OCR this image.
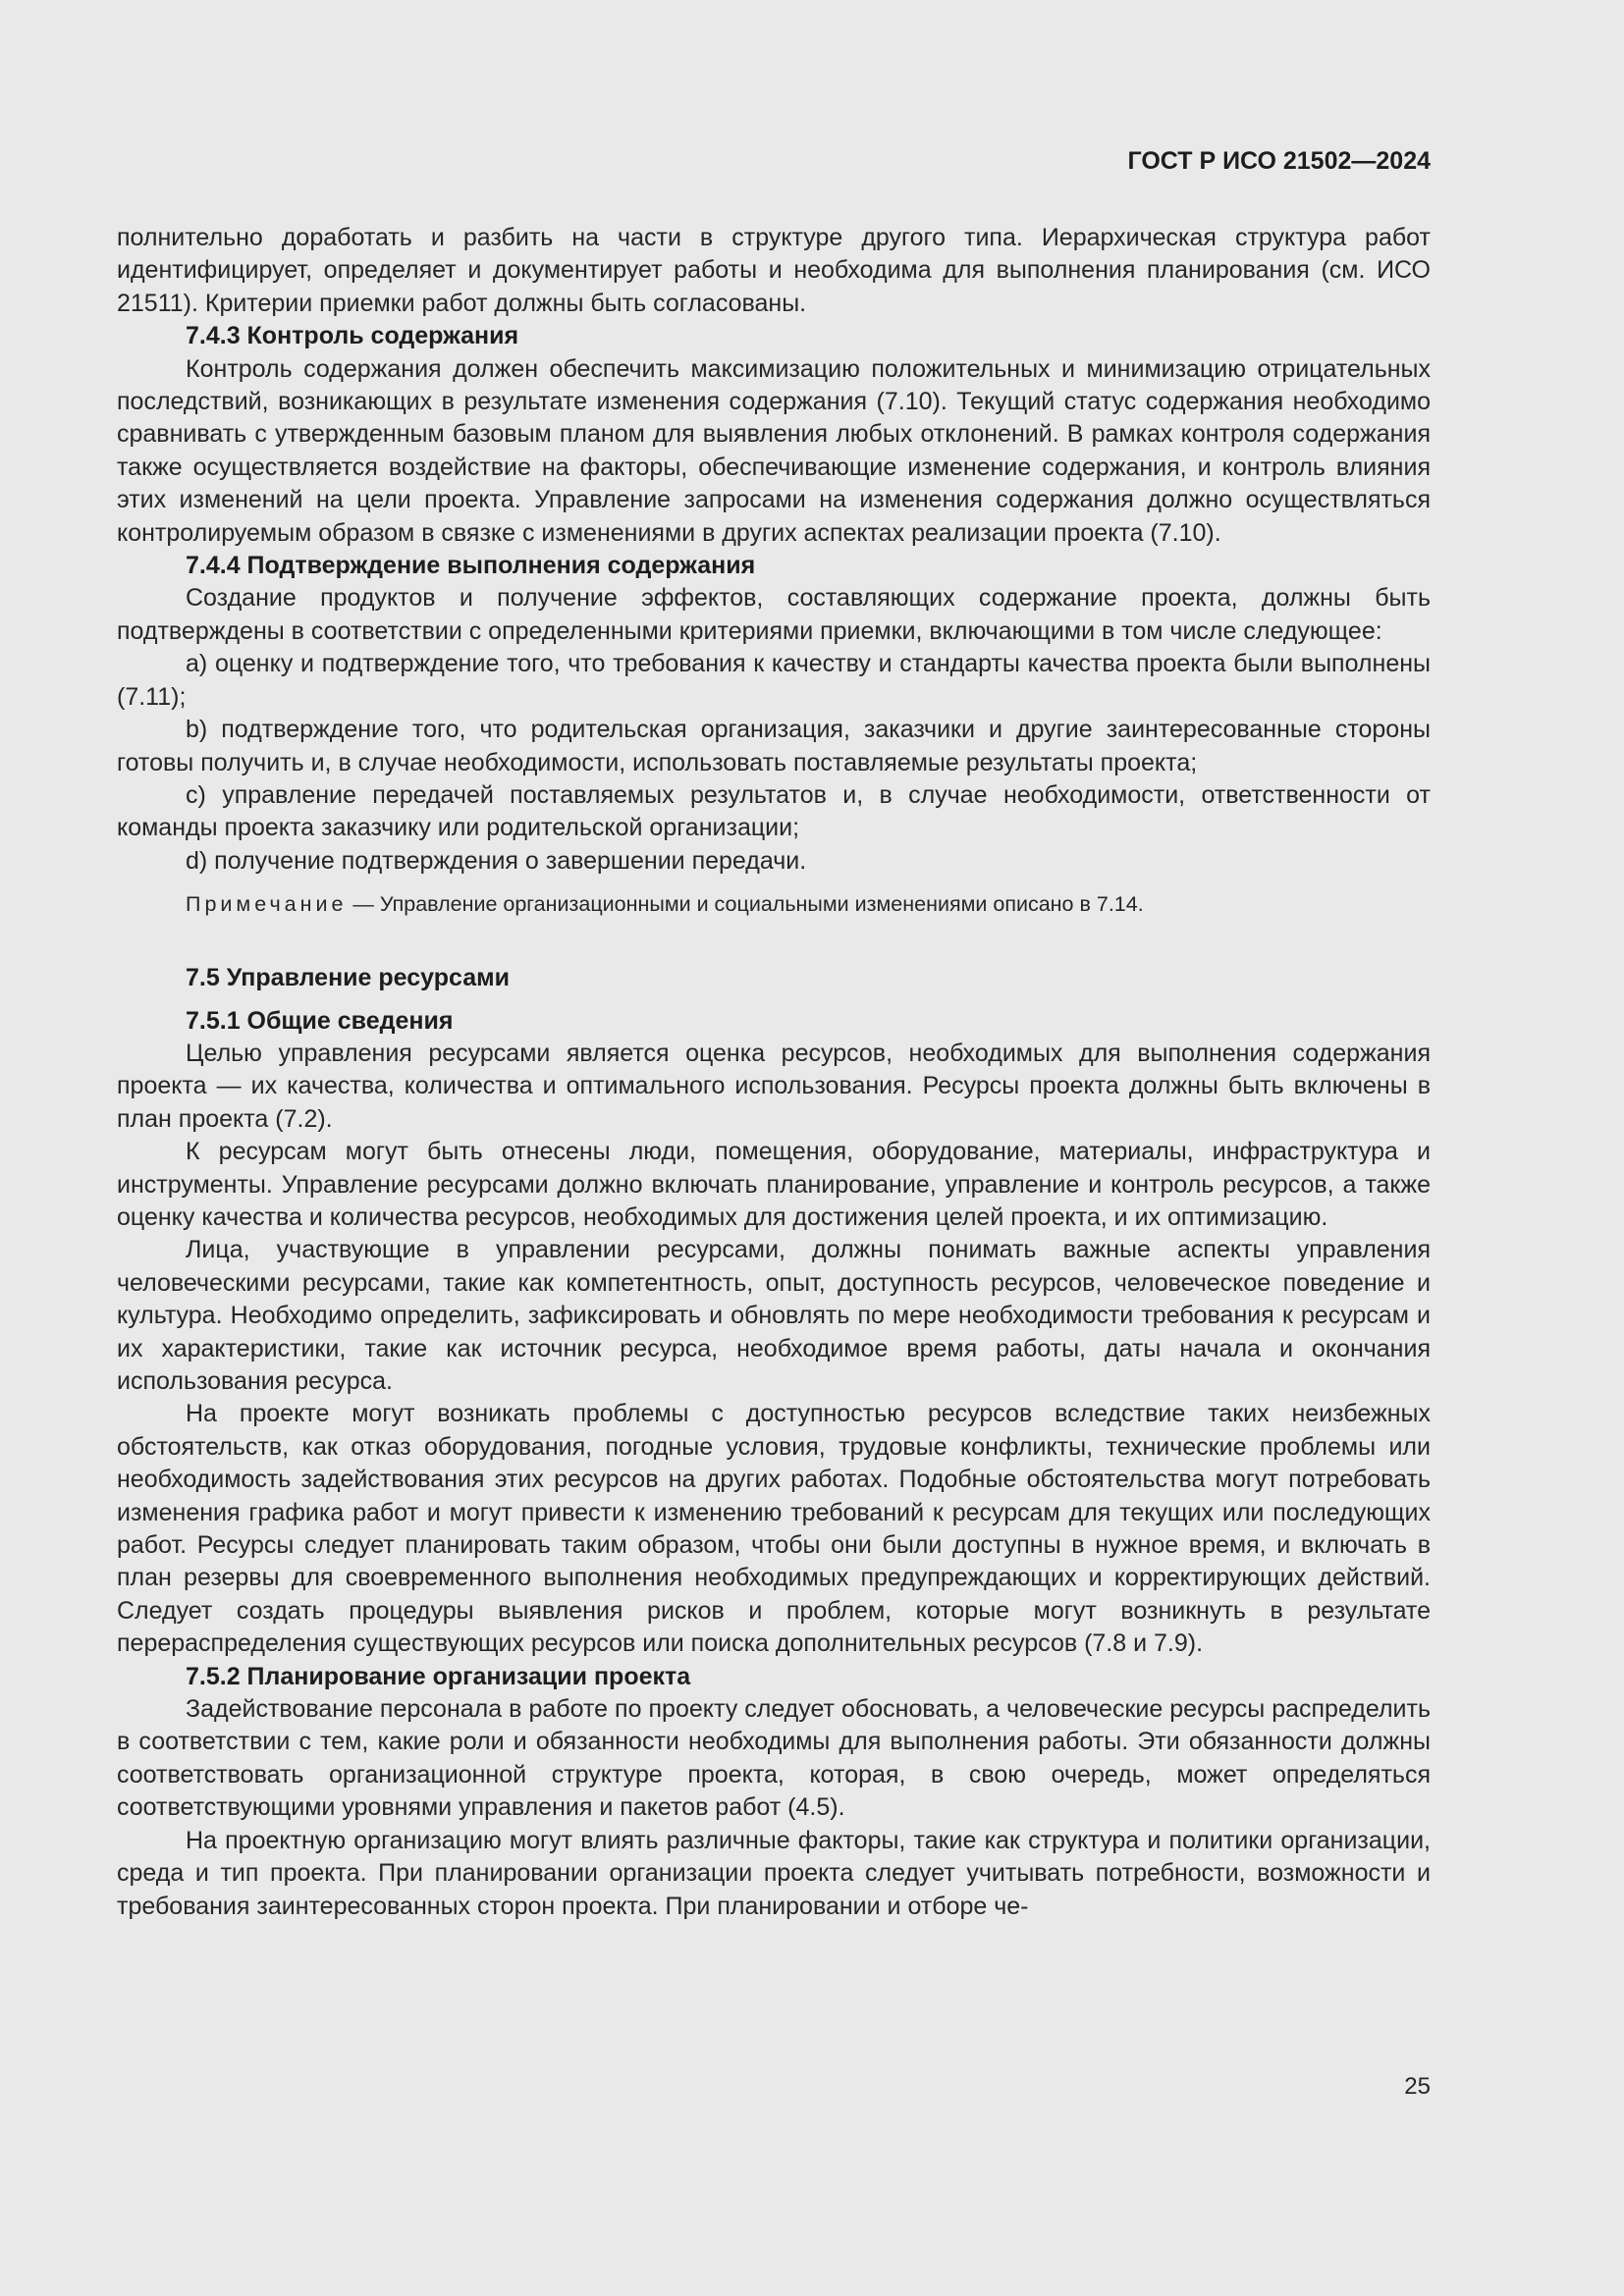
ГОСТ Р ИСО 21502—2024

полнительно доработать и разбить на части в структуре другого типа. Иерархическая структура работ идентифицирует, определяет и документирует работы и необходима для выполнения планирования (см. ИСО 21511). Критерии приемки работ должны быть согласованы.

7.4.3 Контроль содержания

Контроль содержания должен обеспечить максимизацию положительных и минимизацию отрицательных последствий, возникающих в результате изменения содержания (7.10). Текущий статус содержания необходимо сравнивать с утвержденным базовым планом для выявления любых отклонений. В рамках контроля содержания также осуществляется воздействие на факторы, обеспечивающие изменение содержания, и контроль влияния этих изменений на цели проекта. Управление запросами на изменения содержания должно осуществляться контролируемым образом в связке с изменениями в других аспектах реализации проекта (7.10).

7.4.4 Подтверждение выполнения содержания

Создание продуктов и получение эффектов, составляющих содержание проекта, должны быть подтверждены в соответствии с определенными критериями приемки, включающими в том числе следующее:

a) оценку и подтверждение того, что требования к качеству и стандарты качества проекта были выполнены (7.11);

b) подтверждение того, что родительская организация, заказчики и другие заинтересованные стороны готовы получить и, в случае необходимости, использовать поставляемые результаты проекта;

c) управление передачей поставляемых результатов и, в случае необходимости, ответственности от команды проекта заказчику или родительской организации;

d) получение подтверждения о завершении передачи.

Примечание — Управление организационными и социальными изменениями описано в 7.14.

7.5 Управление ресурсами

7.5.1 Общие сведения

Целью управления ресурсами является оценка ресурсов, необходимых для выполнения содержания проекта — их качества, количества и оптимального использования. Ресурсы проекта должны быть включены в план проекта (7.2).

К ресурсам могут быть отнесены люди, помещения, оборудование, материалы, инфраструктура и инструменты. Управление ресурсами должно включать планирование, управление и контроль ресурсов, а также оценку качества и количества ресурсов, необходимых для достижения целей проекта, и их оптимизацию.

Лица, участвующие в управлении ресурсами, должны понимать важные аспекты управления человеческими ресурсами, такие как компетентность, опыт, доступность ресурсов, человеческое поведение и культура. Необходимо определить, зафиксировать и обновлять по мере необходимости требования к ресурсам и их характеристики, такие как источник ресурса, необходимое время работы, даты начала и окончания использования ресурса.

На проекте могут возникать проблемы с доступностью ресурсов вследствие таких неизбежных обстоятельств, как отказ оборудования, погодные условия, трудовые конфликты, технические проблемы или необходимость задействования этих ресурсов на других работах. Подобные обстоятельства могут потребовать изменения графика работ и могут привести к изменению требований к ресурсам для текущих или последующих работ. Ресурсы следует планировать таким образом, чтобы они были доступны в нужное время, и включать в план резервы для своевременного выполнения необходимых предупреждающих и корректирующих действий. Следует создать процедуры выявления рисков и проблем, которые могут возникнуть в результате перераспределения существующих ресурсов или поиска дополнительных ресурсов (7.8 и 7.9).

7.5.2 Планирование организации проекта

Задействование персонала в работе по проекту следует обосновать, а человеческие ресурсы распределить в соответствии с тем, какие роли и обязанности необходимы для выполнения работы. Эти обязанности должны соответствовать организационной структуре проекта, которая, в свою очередь, может определяться соответствующими уровнями управления и пакетов работ (4.5).

На проектную организацию могут влиять различные факторы, такие как структура и политики организации, среда и тип проекта. При планировании организации проекта следует учитывать потребности, возможности и требования заинтересованных сторон проекта. При планировании и отборе че-

25
